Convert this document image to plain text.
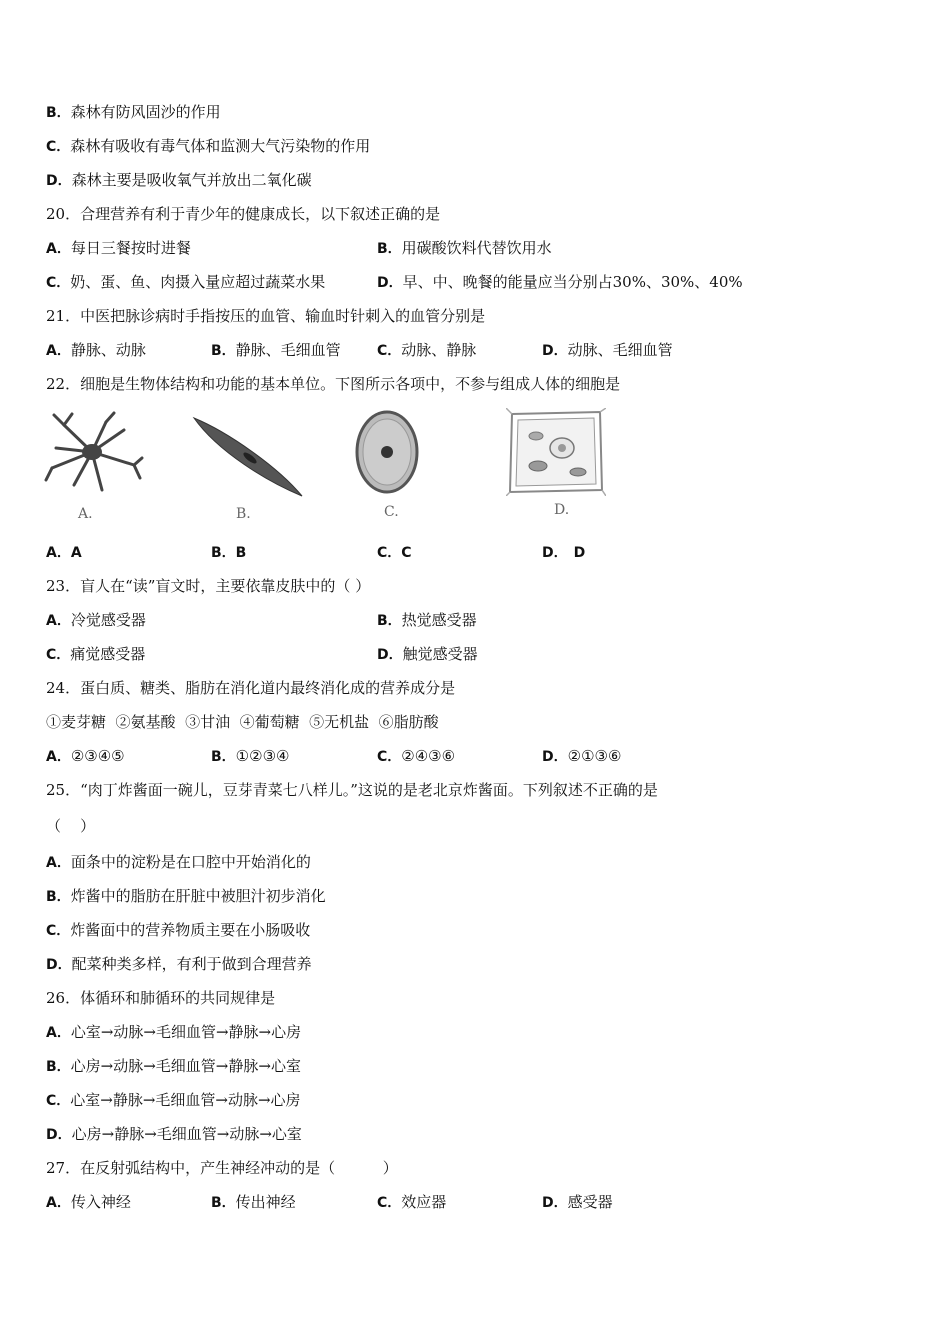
B．森林有防风固沙的作用
C．森林有吸收有毒气体和监测大气污染物的作用
D．森林主要是吸收氧气并放出二氧化碳
20．合理营养有利于青少年的健康成长，以下叙述正确的是
A．每日三餐按时进餐	B．用碳酸饮料代替饮用水
C．奶、蛋、鱼、肉摄入量应超过蔬菜水果	D．早、中、晚餐的能量应当分别占30%、30%、40%
21．中医把脉诊病时手指按压的血管、输血时针刺入的血管分别是
A．静脉、动脉	B．静脉、毛细血管	C．动脉、静脉	D．动脉、毛细血管
22．细胞是生物体结构和功能的基本单位。下图所示各项中，不参与组成人体的细胞是
A.	B.	C.	D.
A．A	B．B	C．C	D． D
23．盲人在“读”盲文时，主要依靠皮肤中的（ ）
A．冷觉感受器	B．热觉感受器
C．痛觉感受器	D．触觉感受器
24．蛋白质、糖类、脂肪在消化道内最终消化成的营养成分是
①麦芽糖  ②氨基酸  ③甘油  ④葡萄糖  ⑤无机盐  ⑥脂肪酸
A．②③④⑤	B．①②③④	C．②④③⑥	D．②①③⑥
25．“肉丁炸酱面一碗儿，豆芽青菜七八样儿。”这说的是老北京炸酱面。下列叙述不正确的是
（    ）
A．面条中的淀粉是在口腔中开始消化的
B．炸酱中的脂肪在肝脏中被胆汁初步消化
C．炸酱面中的营养物质主要在小肠吸收
D．配菜种类多样，有利于做到合理营养
26．体循环和肺循环的共同规律是
A．心室→动脉→毛细血管→静脉→心房
B．心房→动脉→毛细血管→静脉→心室
C．心室→静脉→毛细血管→动脉→心房
D．心房→静脉→毛细血管→动脉→心室
27．在反射弧结构中，产生神经冲动的是（          ）
A．传入神经	B．传出神经	C．效应器	D．感受器
